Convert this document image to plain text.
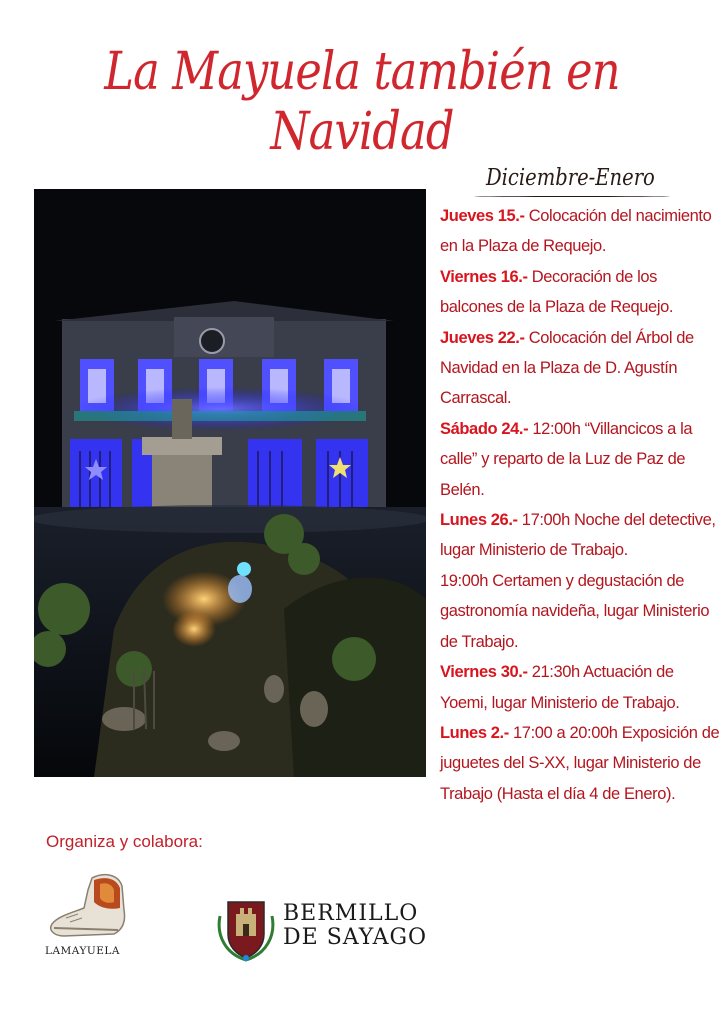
La Mayuela también en Navidad
Diciembre-Enero

Jueves 15.- Colocación del nacimiento en la Plaza de Requejo.

Viernes 16.- Decoración de los balcones de la Plaza de Requejo.

Jueves 22.- Colocación del Árbol de Navidad en la Plaza de D. Agustín Carrascal.

Sábado 24.- 12:00h “Villancicos a la calle” y reparto de la Luz de Paz de Belén.

Lunes 26.- 17:00h Noche del detective, lugar Ministerio de Trabajo.

19:00h Certamen y degustación de gastronomía navideña, lugar Ministerio de Trabajo.

Viernes 30.- 21:30h Actuación de Yoemi, lugar Ministerio de Trabajo.

Lunes 2.- 17:00 a 20:00h Exposición de juguetes del S-XX, lugar Ministerio de Trabajo (Hasta el día 4 de Enero).

Organiza y colabora:
LAMAYUELA
BERMILLO
DE SAYAGO
